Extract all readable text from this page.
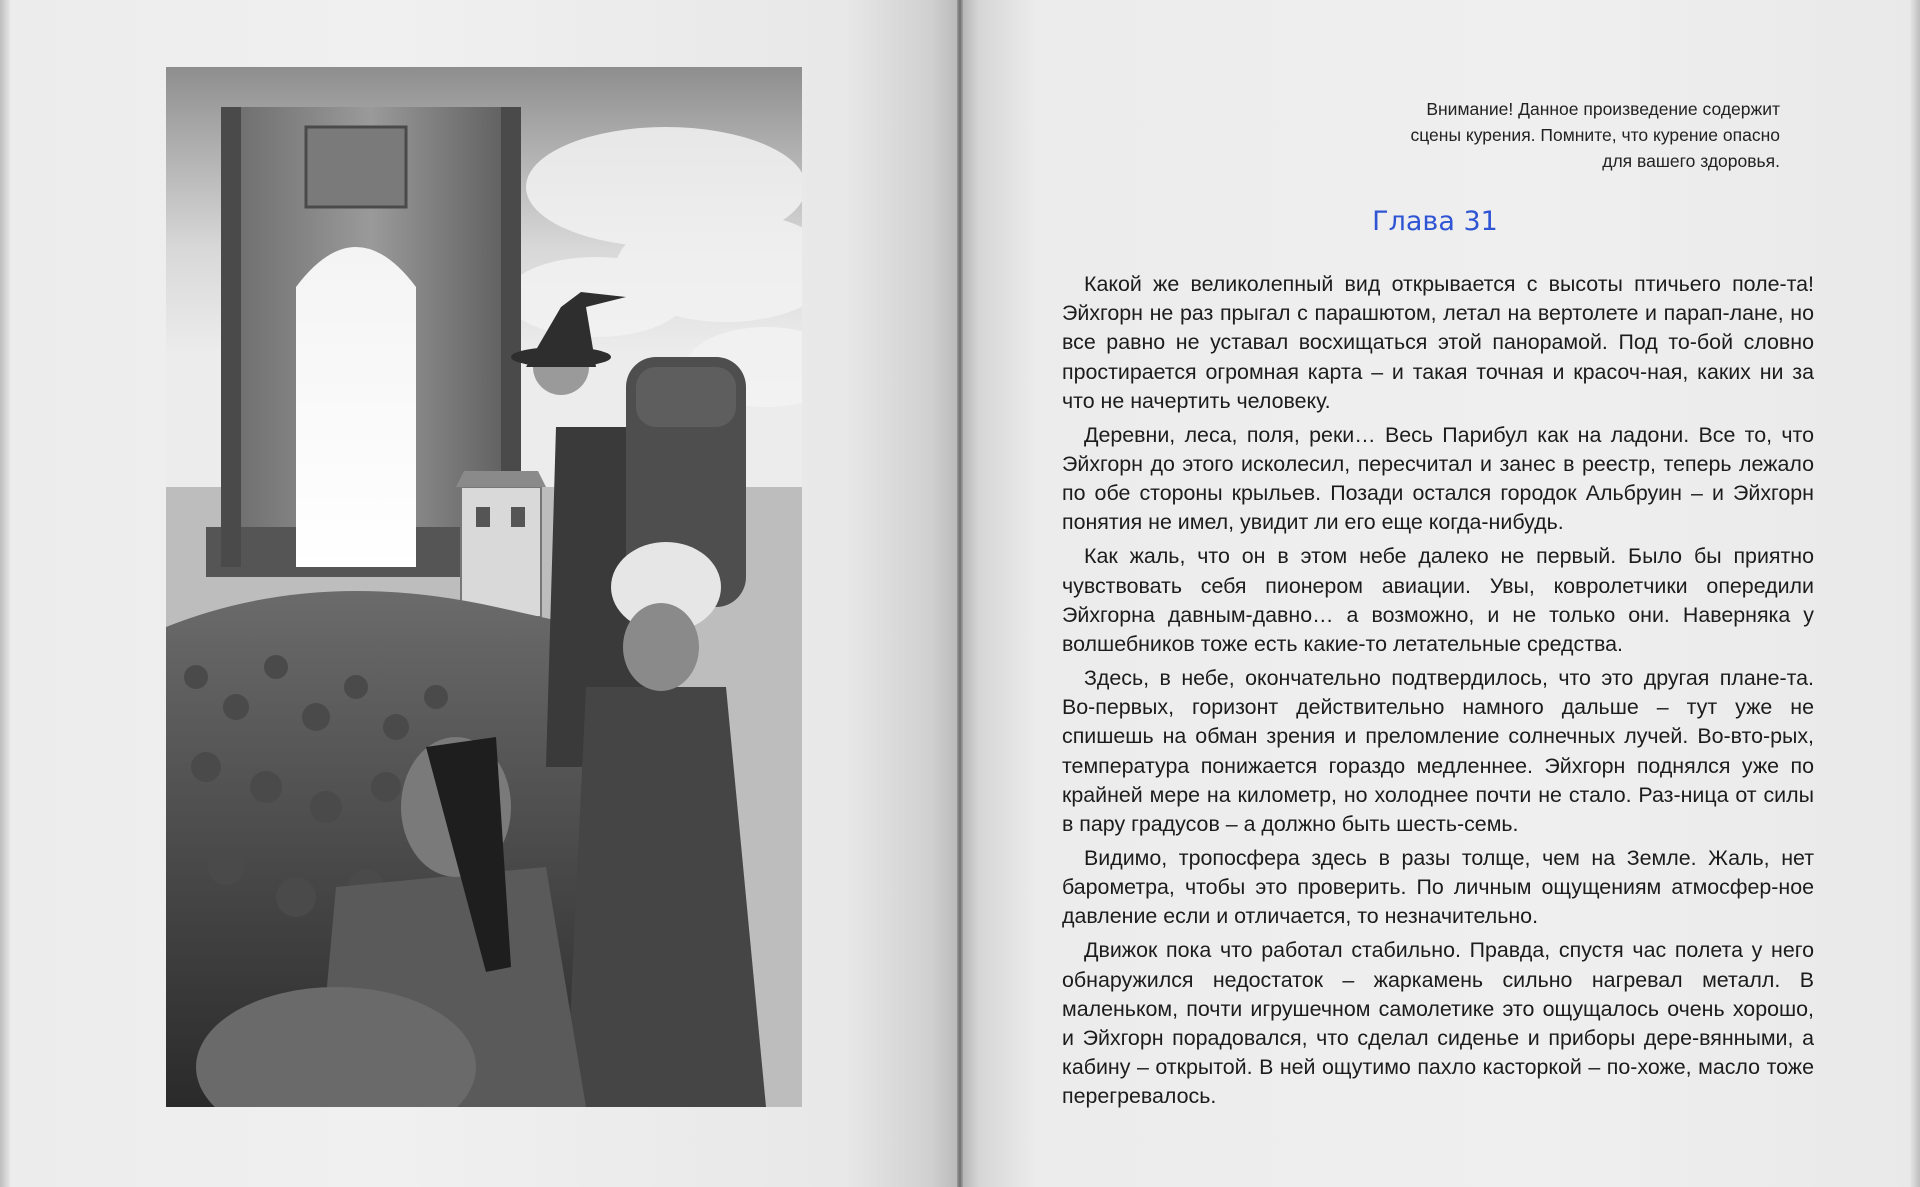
Внимание! Данное произведение содержит
сцены курения. Помните, что курение опасно
для вашего здоровья.
Глава 31

Какой же великолепный вид открывается с высоты птичьего поле-та! Эйхгорн не раз прыгал с парашютом, летал на вертолете и парап-лане, но все равно не уставал восхищаться этой панорамой. Под то-бой словно простирается огромная карта – и такая точная и красоч-ная, каких ни за что не начертить человеку.

Деревни, леса, поля, реки… Весь Парибул как на ладони. Все то, что Эйхгорн до этого исколесил, пересчитал и занес в реестр, теперь лежало по обе стороны крыльев. Позади остался городок Альбруин – и Эйхгорн понятия не имел, увидит ли его еще когда-нибудь.

Как жаль, что он в этом небе далеко не первый. Было бы приятно чувствовать себя пионером авиации. Увы, ковролетчики опередили Эйхгорна давным-давно… а возможно, и не только они. Наверняка у волшебников тоже есть какие-то летательные средства.

Здесь, в небе, окончательно подтвердилось, что это другая плане-та. Во-первых, горизонт действительно намного дальше – тут уже не спишешь на обман зрения и преломление солнечных лучей. Во-вто-рых, температура понижается гораздо медленнее. Эйхгорн поднялся уже по крайней мере на километр, но холоднее почти не стало. Раз-ница от силы в пару градусов – а должно быть шесть-семь.

Видимо, тропосфера здесь в разы толще, чем на Земле. Жаль, нет барометра, чтобы это проверить. По личным ощущениям атмосфер-ное давление если и отличается, то незначительно.

Движок пока что работал стабильно. Правда, спустя час полета у него обнаружился недостаток – жаркамень сильно нагревал металл. В маленьком, почти игрушечном самолетике это ощущалось очень хорошо, и Эйхгорн порадовался, что сделал сиденье и приборы дере-вянными, а кабину – открытой. В ней ощутимо пахло касторкой – по-хоже, масло тоже перегревалось.
